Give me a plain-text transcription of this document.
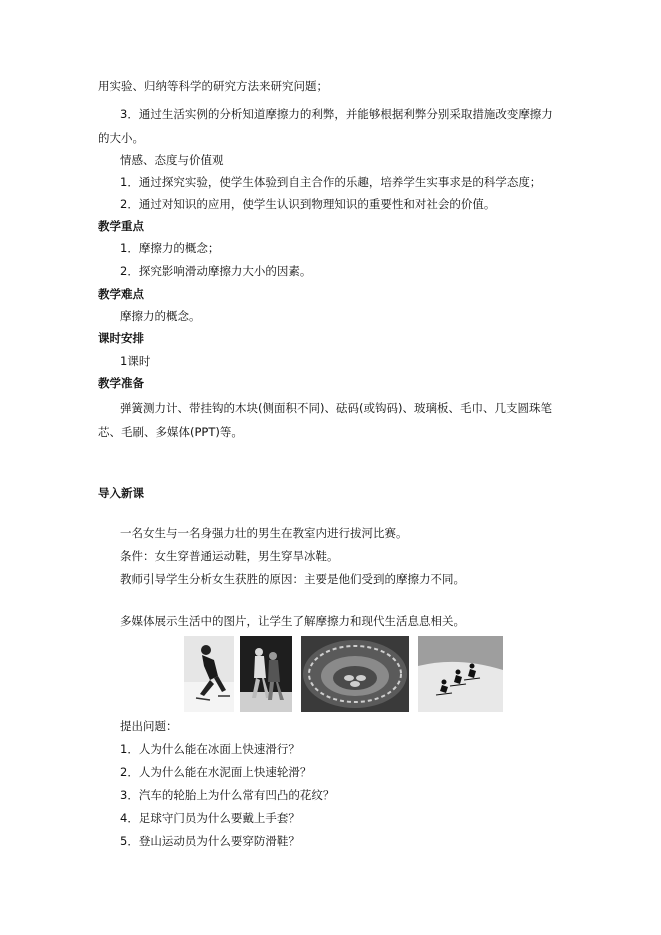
用实验、归纳等科学的研究方法来研究问题；
3．通过生活实例的分析知道摩擦力的利弊，并能够根据利弊分别采取措施改变摩擦力
的大小。
情感、态度与价值观
1．通过探究实验，使学生体验到自主合作的乐趣，培养学生实事求是的科学态度；
2．通过对知识的应用，使学生认识到物理知识的重要性和对社会的价值。
教学重点
1．摩擦力的概念；
2．探究影响滑动摩擦力大小的因素。
教学难点
摩擦力的概念。
课时安排
1课时
教学准备
弹簧测力计、带挂钩的木块(侧面积不同)、砝码(或钩码)、玻璃板、毛巾、几支圆珠笔
芯、毛刷、多媒体(PPT)等。
导入新课
一名女生与一名身强力壮的男生在教室内进行拔河比赛。
条件：女生穿普通运动鞋，男生穿旱冰鞋。
教师引导学生分析女生获胜的原因：主要是他们受到的摩擦力不同。
多媒体展示生活中的图片，让学生了解摩擦力和现代生活息息相关。
提出问题：
1．人为什么能在冰面上快速滑行？
2．人为什么能在水泥面上快速轮滑？
3．汽车的轮胎上为什么常有凹凸的花纹？
4．足球守门员为什么要戴上手套？
5．登山运动员为什么要穿防滑鞋？
